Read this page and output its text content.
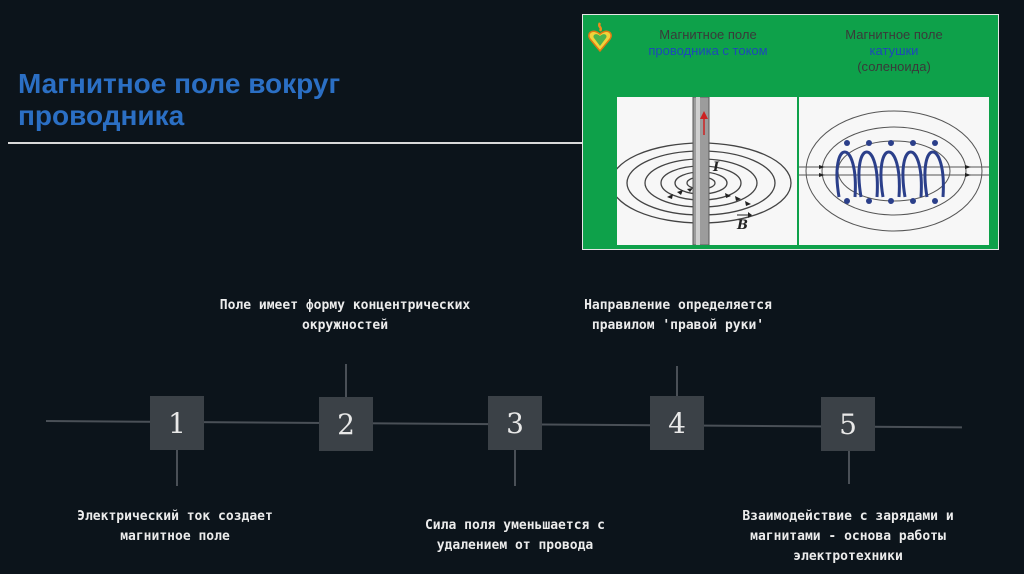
Магнитное поле вокруг проводника
Магнитное поле
проводника с током
Магнитное поле
катушки
(соленоида)
I
B
1	2	3	4	5
Электрический ток создает магнитное поле
Поле имеет форму концентрических окружностей
Сила поля уменьшается с удалением от провода
Направление определяется правилом 'правой руки'
Взаимодействие с зарядами и магнитами - основа работы электротехники
